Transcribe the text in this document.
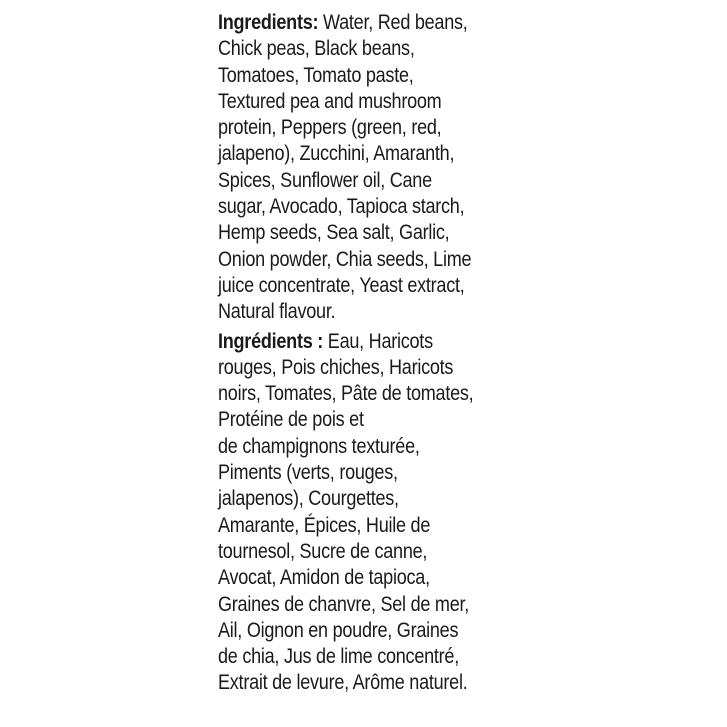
Ingredients: Water, Red beans,
Chick peas, Black beans,
Tomatoes, Tomato paste,
Textured pea and mushroom
protein, Peppers (green, red,
jalapeno), Zucchini, Amaranth,
Spices, Sunflower oil, Cane
sugar, Avocado, Tapioca starch,
Hemp seeds, Sea salt, Garlic,
Onion powder, Chia seeds, Lime
juice concentrate, Yeast extract,
Natural flavour.
Ingrédients : Eau, Haricots
rouges, Pois chiches, Haricots
noirs, Tomates, Pâte de tomates,
Protéine de pois et
de champignons texturée,
Piments (verts, rouges,
jalapenos), Courgettes,
Amarante, Épices, Huile de
tournesol, Sucre de canne,
Avocat, Amidon de tapioca,
Graines de chanvre, Sel de mer,
Ail, Oignon en poudre, Graines
de chia, Jus de lime concentré,
Extrait de levure, Arôme naturel.
